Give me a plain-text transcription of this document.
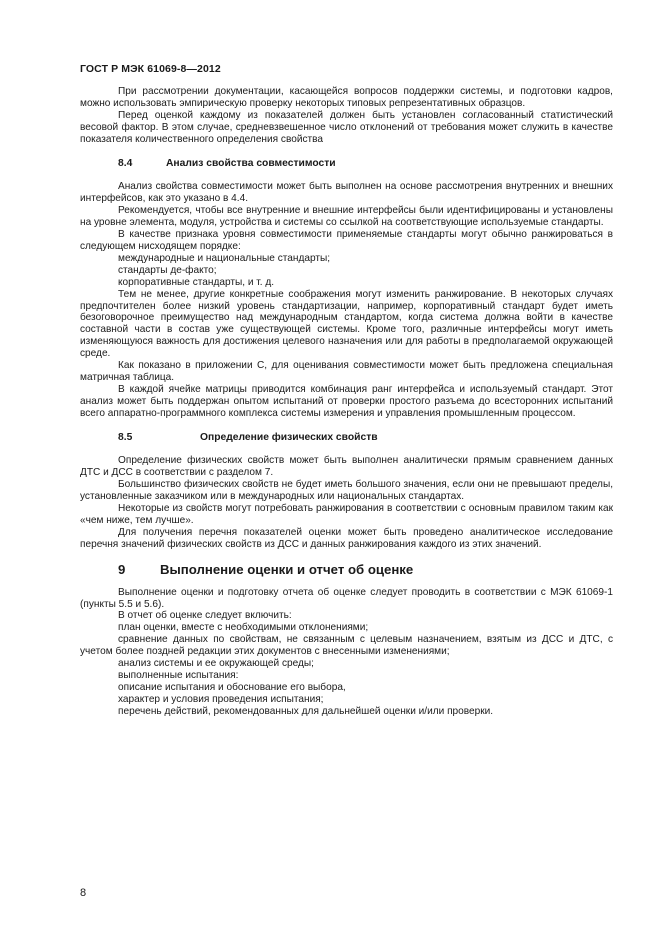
ГОСТ Р МЭК 61069-8—2012

При рассмотрении документации, касающейся вопросов поддержки системы, и подготовки кадров, можно использовать эмпирическую проверку некоторых типовых репрезентативных образцов.

Перед оценкой каждому из показателей должен быть установлен согласованный статистический весовой фактор. В этом случае, средневзвешенное число отклонений от требования может служить в качестве показателя количественного определения свойства

8.4	Анализ свойства совместимости

Анализ свойства совместимости может быть выполнен на основе рассмотрения внутренних и внешних интерфейсов, как это указано в 4.4.

Рекомендуется, чтобы все внутренние и внешние интерфейсы были идентифицированы и установлены на уровне элемента, модуля, устройства и системы со ссылкой на соответствующие используемые стандарты.

В качестве признака уровня совместимости применяемые стандарты могут обычно ранжироваться в следующем нисходящем порядке:

международные и национальные стандарты;

стандарты де-факто;

корпоративные стандарты, и т. д.

Тем не менее, другие конкретные соображения могут изменить ранжирование. В некоторых случаях предпочтителен более низкий уровень стандартизации, например, корпоративный стандарт будет иметь безоговорочное преимущество над международным стандартом, когда система должна войти в качестве составной части в состав уже существующей системы. Кроме того, различные интерфейсы могут иметь изменяющуюся важность для достижения целевого назначения или для работы в предполагаемой окружающей среде.

Как показано в приложении С, для оценивания совместимости может быть предложена специальная матричная таблица.

В каждой ячейке матрицы приводится комбинация ранг интерфейса и используемый стандарт. Этот анализ может быть поддержан опытом испытаний от проверки простого разъема до всесторонних испытаний всего аппаратно-программного комплекса системы измерения и управления промышленным процессом.

8.5	Определение физических свойств

Определение физических свойств может быть выполнен аналитически прямым сравнением данных ДТС и ДСС в соответствии с разделом 7.

Большинство физических свойств не будет иметь большого значения, если они не превышают пределы, установленные заказчиком или в международных или национальных стандартах.

Некоторые из свойств могут потребовать ранжирования в соответствии с основным правилом таким как «чем ниже, тем лучше».

Для получения перечня показателей оценки может быть проведено аналитическое исследование перечня значений физических свойств из ДСС и данных ранжирования каждого из этих значений.

9	Выполнение оценки и отчет об оценке

Выполнение оценки и подготовку отчета об оценке следует проводить в соответствии с МЭК 61069-1 (пункты 5.5 и 5.6).

В отчет об оценке следует включить:

план оценки, вместе с необходимыми отклонениями;

сравнение данных по свойствам, не связанным с целевым назначением, взятым из ДСС и ДТС, с учетом более поздней редакции этих документов с внесенными изменениями;

анализ системы и ее окружающей среды;

выполненные испытания:

описание испытания и обоснование его выбора,

характер и условия проведения испытания;

перечень действий, рекомендованных для дальнейшей оценки и/или проверки.

8
